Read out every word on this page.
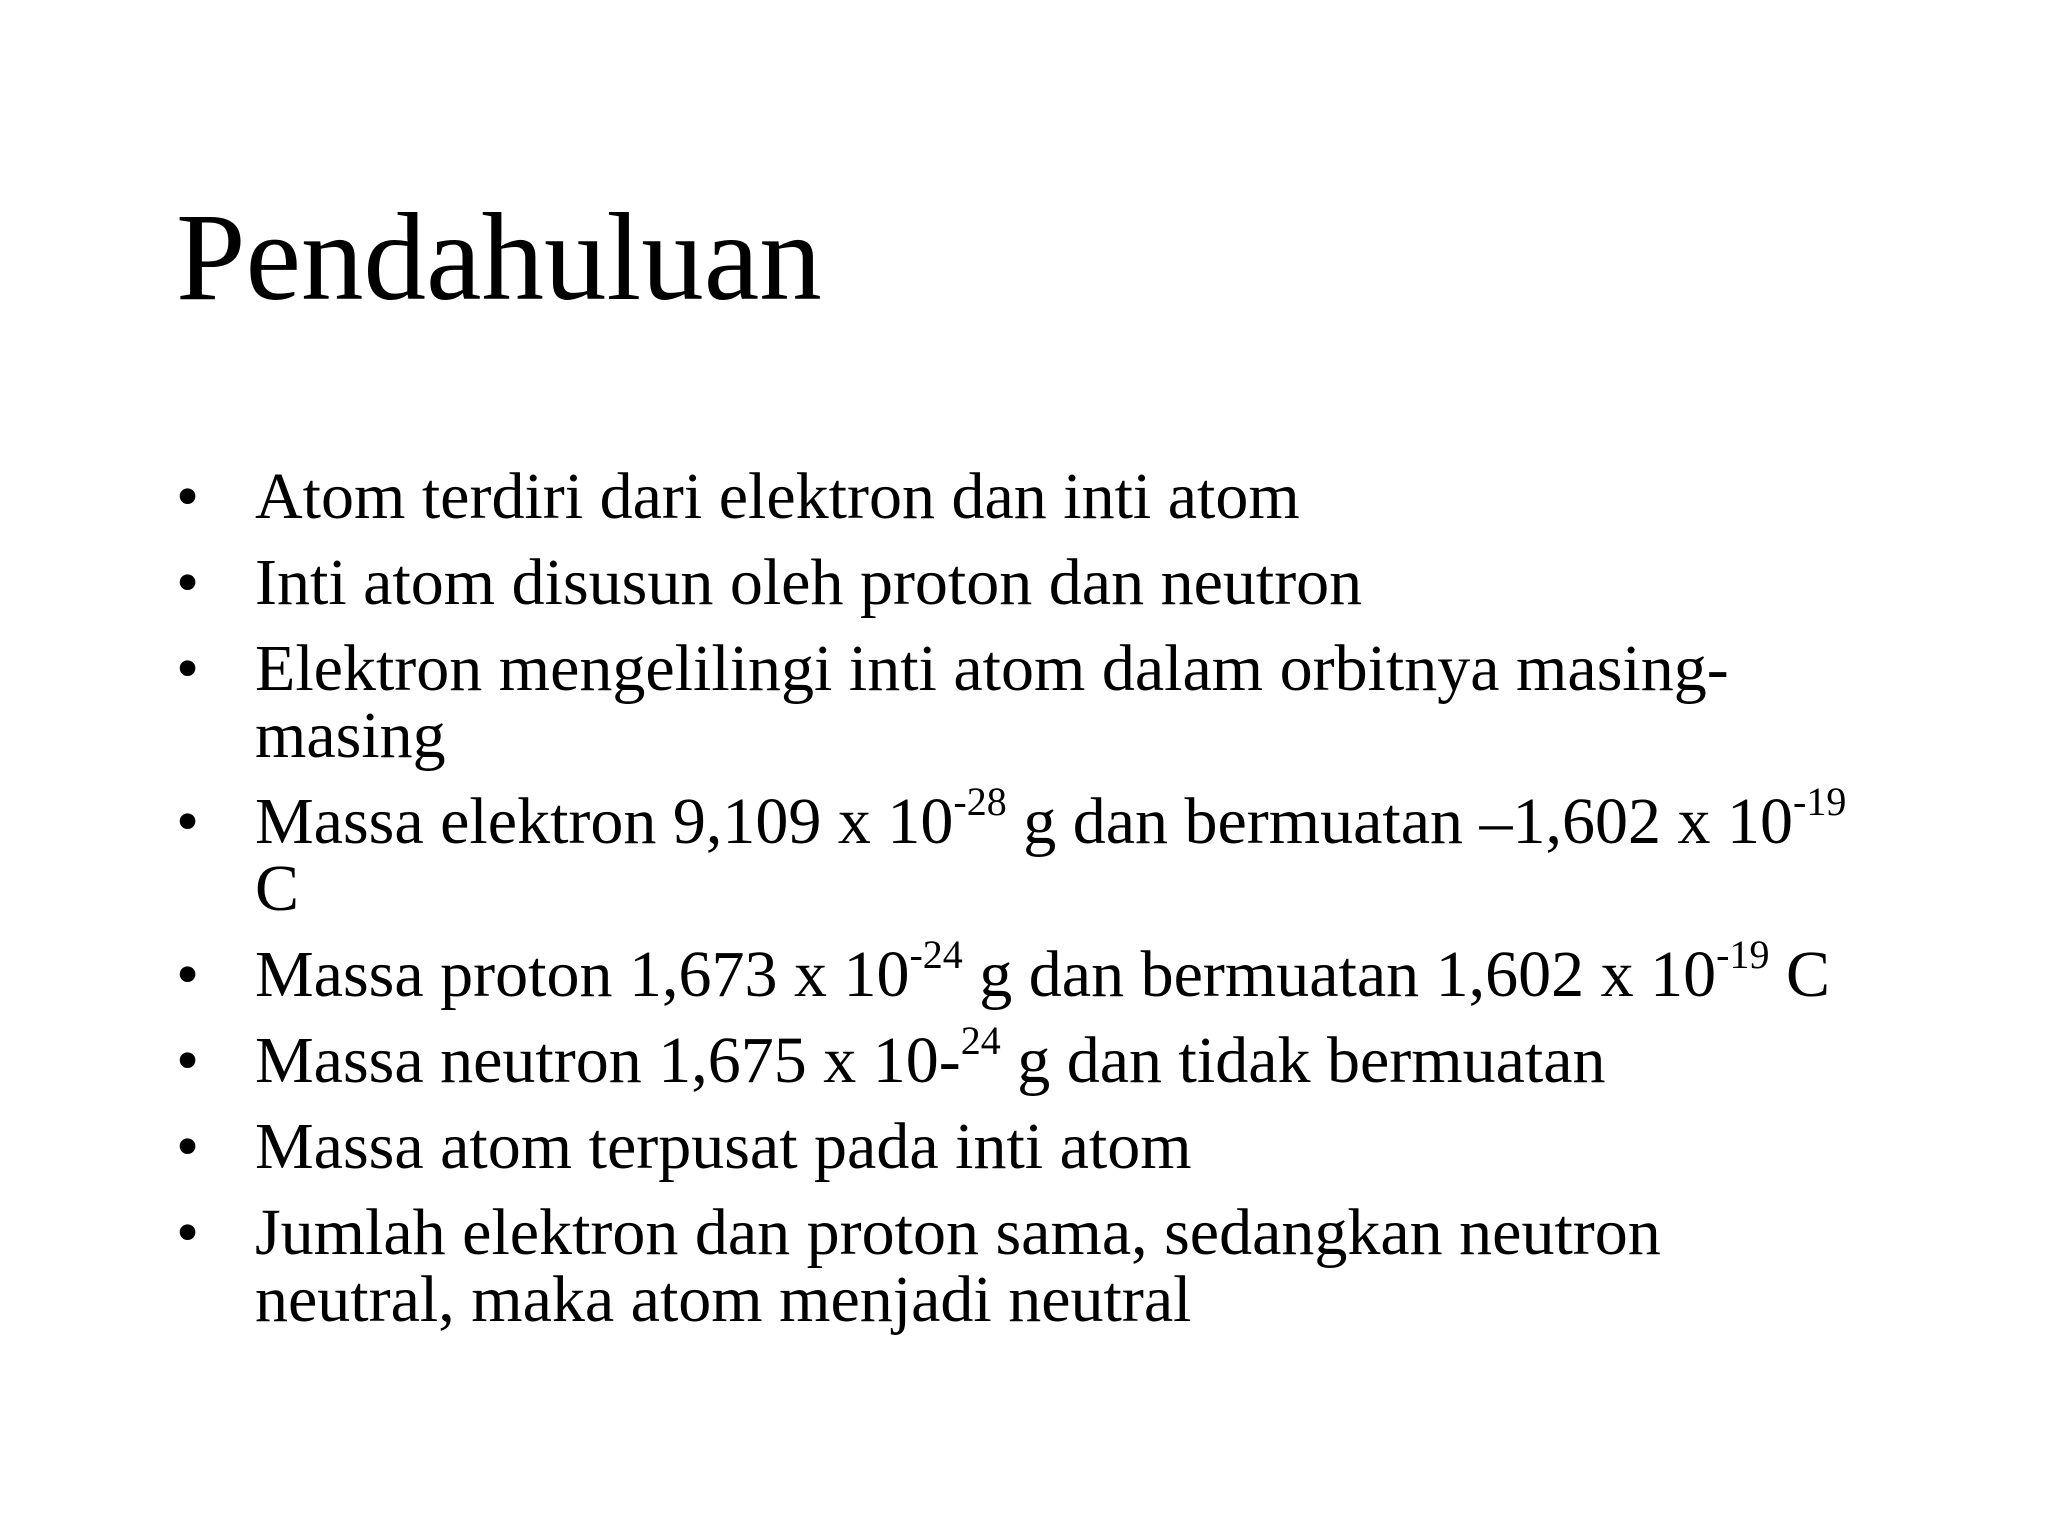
Pendahuluan
• Atom terdiri dari elektron dan inti atom
• Inti atom disusun oleh proton dan neutron
• Elektron mengelilingi inti atom dalam orbitnya masing-masing
• Massa elektron 9,109 x $10^{-28}$ g dan bermuatan –1,602 x $10^{-19}$ C
• Massa proton 1,673 x $10^{-24}$ g dan bermuatan 1,602 x $10^{-19}$ C
• Massa neutron 1,675 x 10-$^{24}$ g dan tidak bermuatan
• Massa atom terpusat pada inti atom
• Jumlah elektron dan proton sama, sedangkan neutron neutral, maka atom menjadi neutral
